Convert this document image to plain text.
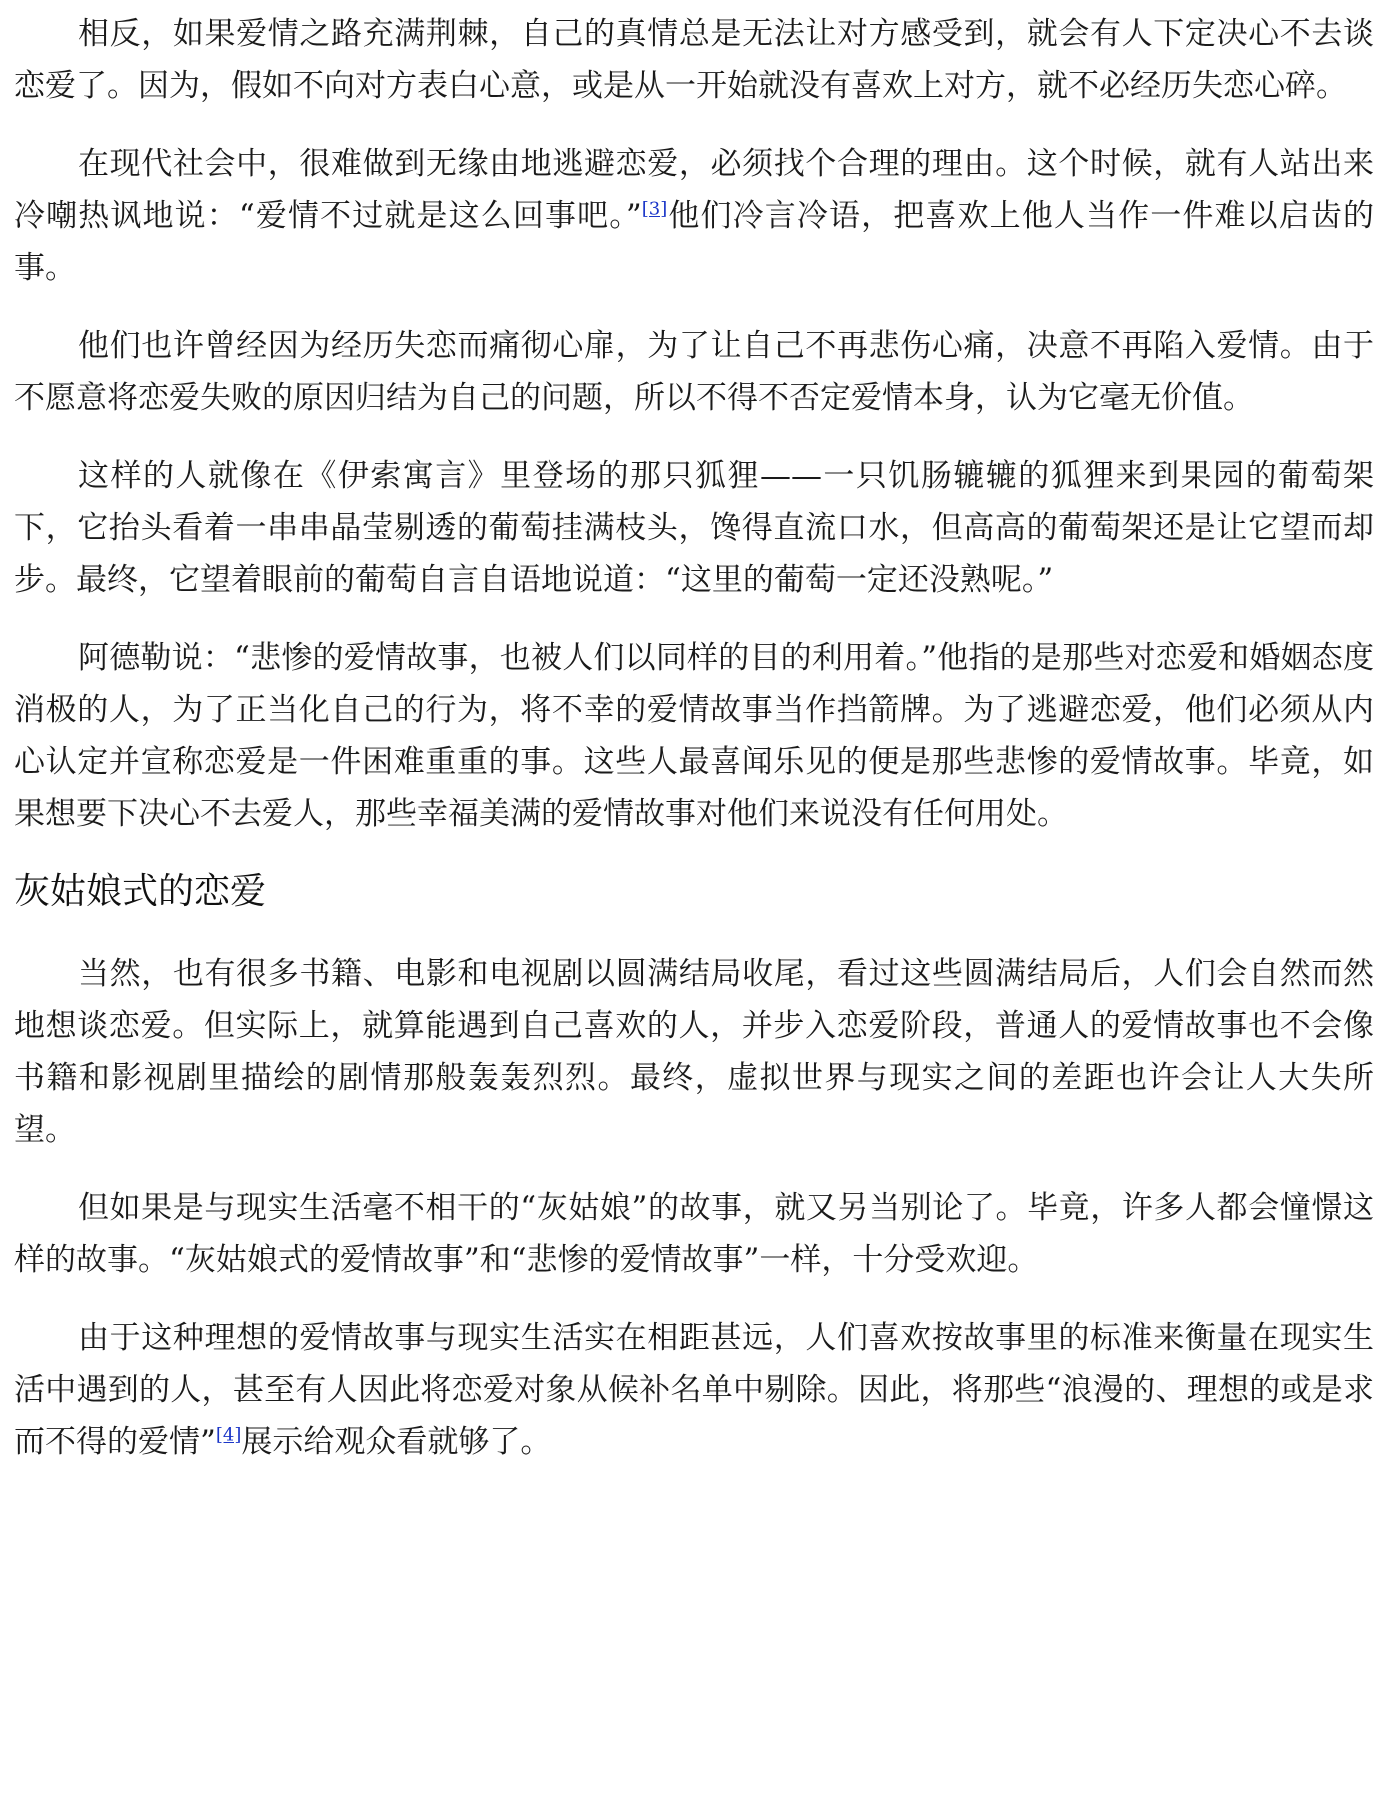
相反，如果爱情之路充满荆棘，自己的真情总是无法让对方感受到，就会有人下定决心不去谈恋爱了。因为，假如不向对方表白心意，或是从一开始就没有喜欢上对方，就不必经历失恋心碎。

在现代社会中，很难做到无缘由地逃避恋爱，必须找个合理的理由。这个时候，就有人站出来冷嘲热讽地说：“爱情不过就是这么回事吧。”[3]他们冷言冷语，把喜欢上他人当作一件难以启齿的事。

他们也许曾经因为经历失恋而痛彻心扉，为了让自己不再悲伤心痛，决意不再陷入爱情。由于不愿意将恋爱失败的原因归结为自己的问题，所以不得不否定爱情本身，认为它毫无价值。

这样的人就像在《伊索寓言》里登场的那只狐狸——一只饥肠辘辘的狐狸来到果园的葡萄架下，它抬头看着一串串晶莹剔透的葡萄挂满枝头，馋得直流口水，但高高的葡萄架还是让它望而却步。最终，它望着眼前的葡萄自言自语地说道：“这里的葡萄一定还没熟呢。”

阿德勒说：“悲惨的爱情故事，也被人们以同样的目的利用着。”他指的是那些对恋爱和婚姻态度消极的人，为了正当化自己的行为，将不幸的爱情故事当作挡箭牌。为了逃避恋爱，他们必须从内心认定并宣称恋爱是一件困难重重的事。这些人最喜闻乐见的便是那些悲惨的爱情故事。毕竟，如果想要下决心不去爱人，那些幸福美满的爱情故事对他们来说没有任何用处。

灰姑娘式的恋爱

当然，也有很多书籍、电影和电视剧以圆满结局收尾，看过这些圆满结局后，人们会自然而然地想谈恋爱。但实际上，就算能遇到自己喜欢的人，并步入恋爱阶段，普通人的爱情故事也不会像书籍和影视剧里描绘的剧情那般轰轰烈烈。最终，虚拟世界与现实之间的差距也许会让人大失所望。

但如果是与现实生活毫不相干的“灰姑娘”的故事，就又另当别论了。毕竟，许多人都会憧憬这样的故事。“灰姑娘式的爱情故事”和“悲惨的爱情故事”一样，十分受欢迎。

由于这种理想的爱情故事与现实生活实在相距甚远，人们喜欢按故事里的标准来衡量在现实生活中遇到的人，甚至有人因此将恋爱对象从候补名单中剔除。因此，将那些“浪漫的、理想的或是求而不得的爱情”[4]展示给观众看就够了。
